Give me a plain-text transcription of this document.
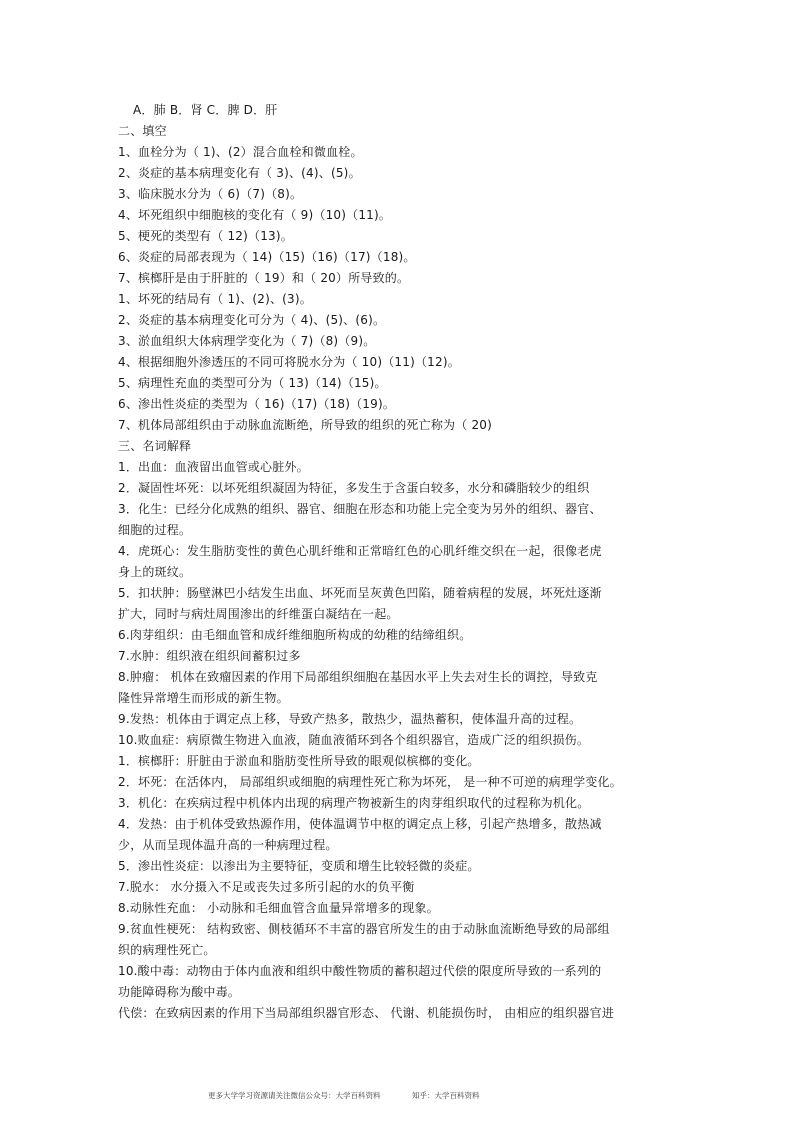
A．肺 B．肾 C．脾 D．肝
二、填空
1、血栓分为（ 1)、(2）混合血栓和微血栓。
2、炎症的基本病理变化有（ 3)、(4)、(5)。
3、临床脱水分为（ 6)（7)（8)。
4、坏死组织中细胞核的变化有（ 9)（10)（11)。
5、梗死的类型有（ 12)（13)。
6、炎症的局部表现为（ 14)（15)（16)（17)（18)。
7、槟榔肝是由于肝脏的（ 19）和（ 20）所导致的。
1、坏死的结局有（ 1)、(2)、(3)。
2、炎症的基本病理变化可分为（ 4)、(5)、(6)。
3、淤血组织大体病理学变化为（ 7)（8)（9)。
4、根据细胞外渗透压的不同可将脱水分为（ 10)（11)（12)。
5、病理性充血的类型可分为（ 13)（14)（15)。
6、渗出性炎症的类型为（ 16)（17)（18)（19)。
7、机体局部组织由于动脉血流断绝，所导致的组织的死亡称为（ 20)
三、名词解释
1．出血：血液留出血管或心脏外。
2．凝固性坏死：以坏死组织凝固为特征，多发生于含蛋白较多，水分和磷脂较少的组织
3．化生：已经分化成熟的组织、器官、细胞在形态和功能上完全变为另外的组织、器官、
细胞的过程。
4．虎斑心：发生脂肪变性的黄色心肌纤维和正常暗红色的心肌纤维交织在一起，很像老虎
身上的斑纹。
5．扣状肿：肠壁淋巴小结发生出血、坏死而呈灰黄色凹陷，随着病程的发展，坏死灶逐渐
扩大，同时与病灶周围渗出的纤维蛋白凝结在一起。
6.肉芽组织：由毛细血管和成纤维细胞所构成的幼稚的结缔组织。
7.水肿：组织液在组织间蓄积过多
8.肿瘤： 机体在致瘤因素的作用下局部组织细胞在基因水平上失去对生长的调控，导致克
隆性异常增生而形成的新生物。
9.发热：机体由于调定点上移，导致产热多，散热少，温热蓄积，使体温升高的过程。
10.败血症：病原微生物进入血液，随血液循环到各个组织器官，造成广泛的组织损伤。
1．槟榔肝：肝脏由于淤血和脂肪变性所导致的眼观似槟榔的变化。
2．坏死：在活体内， 局部组织或细胞的病理性死亡称为坏死， 是一种不可逆的病理学变化。
3．机化：在疾病过程中机体内出现的病理产物被新生的肉芽组织取代的过程称为机化。
4．发热：由于机体受致热源作用，使体温调节中枢的调定点上移，引起产热增多，散热减
少，从而呈现体温升高的一种病理过程。
5．渗出性炎症：以渗出为主要特征，变质和增生比较轻微的炎症。
7.脱水： 水分摄入不足或丧失过多所引起的水的负平衡
8.动脉性充血： 小动脉和毛细血管含血量异常增多的现象。
9.贫血性梗死： 结构致密、侧枝循环不丰富的器官所发生的由于动脉血流断绝导致的局部组
织的病理性死亡。
10.酸中毒：动物由于体内血液和组织中酸性物质的蓄积超过代偿的限度所导致的一系列的
功能障碍称为酸中毒。
代偿：在致病因素的作用下当局部组织器官形态、 代谢、机能损伤时， 由相应的组织器官进
更多大学学习资源请关注微信公众号：大学百科资料	知乎：大学百科资料
